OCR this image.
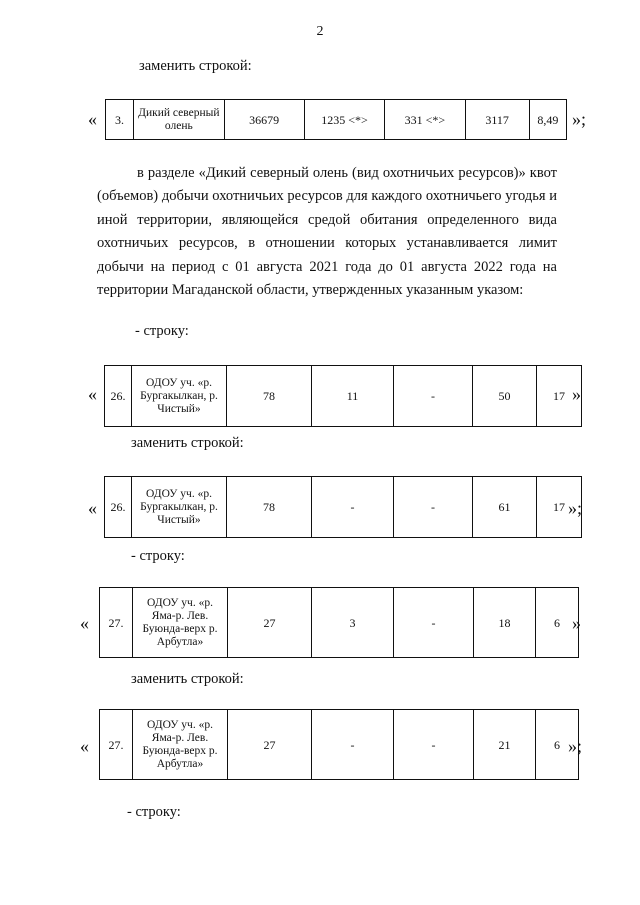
2
заменить строкой:
« 3.	Дикий северный олень	36679	1235 <*>	331 <*>	3117	8,49 »;
в разделе «Дикий северный олень (вид охотничьих ресурсов)» квот (объемов) добычи охотничьих ресурсов для каждого охотничьего угодья и иной территории, являющейся средой обитания определенного вида охотничьих ресурсов, в отношении которых устанавливается лимит добычи на период с 01 августа 2021 года до 01 августа 2022 года на территории Магаданской области, утвержденных указанным указом:
- строку:
« 26.	ОДОУ уч. «р. Бургакылкан, р. Чистый»	78	11	-	50	17 »
заменить строкой:
« 26.	ОДОУ уч. «р. Бургакылкан, р. Чистый»	78	-	-	61	17 »;
- строку:
« 27.	ОДОУ уч. «р. Яма-р. Лев. Буюнда-верх р. Арбутла»	27	3	-	18	6 »
заменить строкой:
« 27.	ОДОУ уч. «р. Яма-р. Лев. Буюнда-верх р. Арбутла»	27	-	-	21	6 »;
- строку:
